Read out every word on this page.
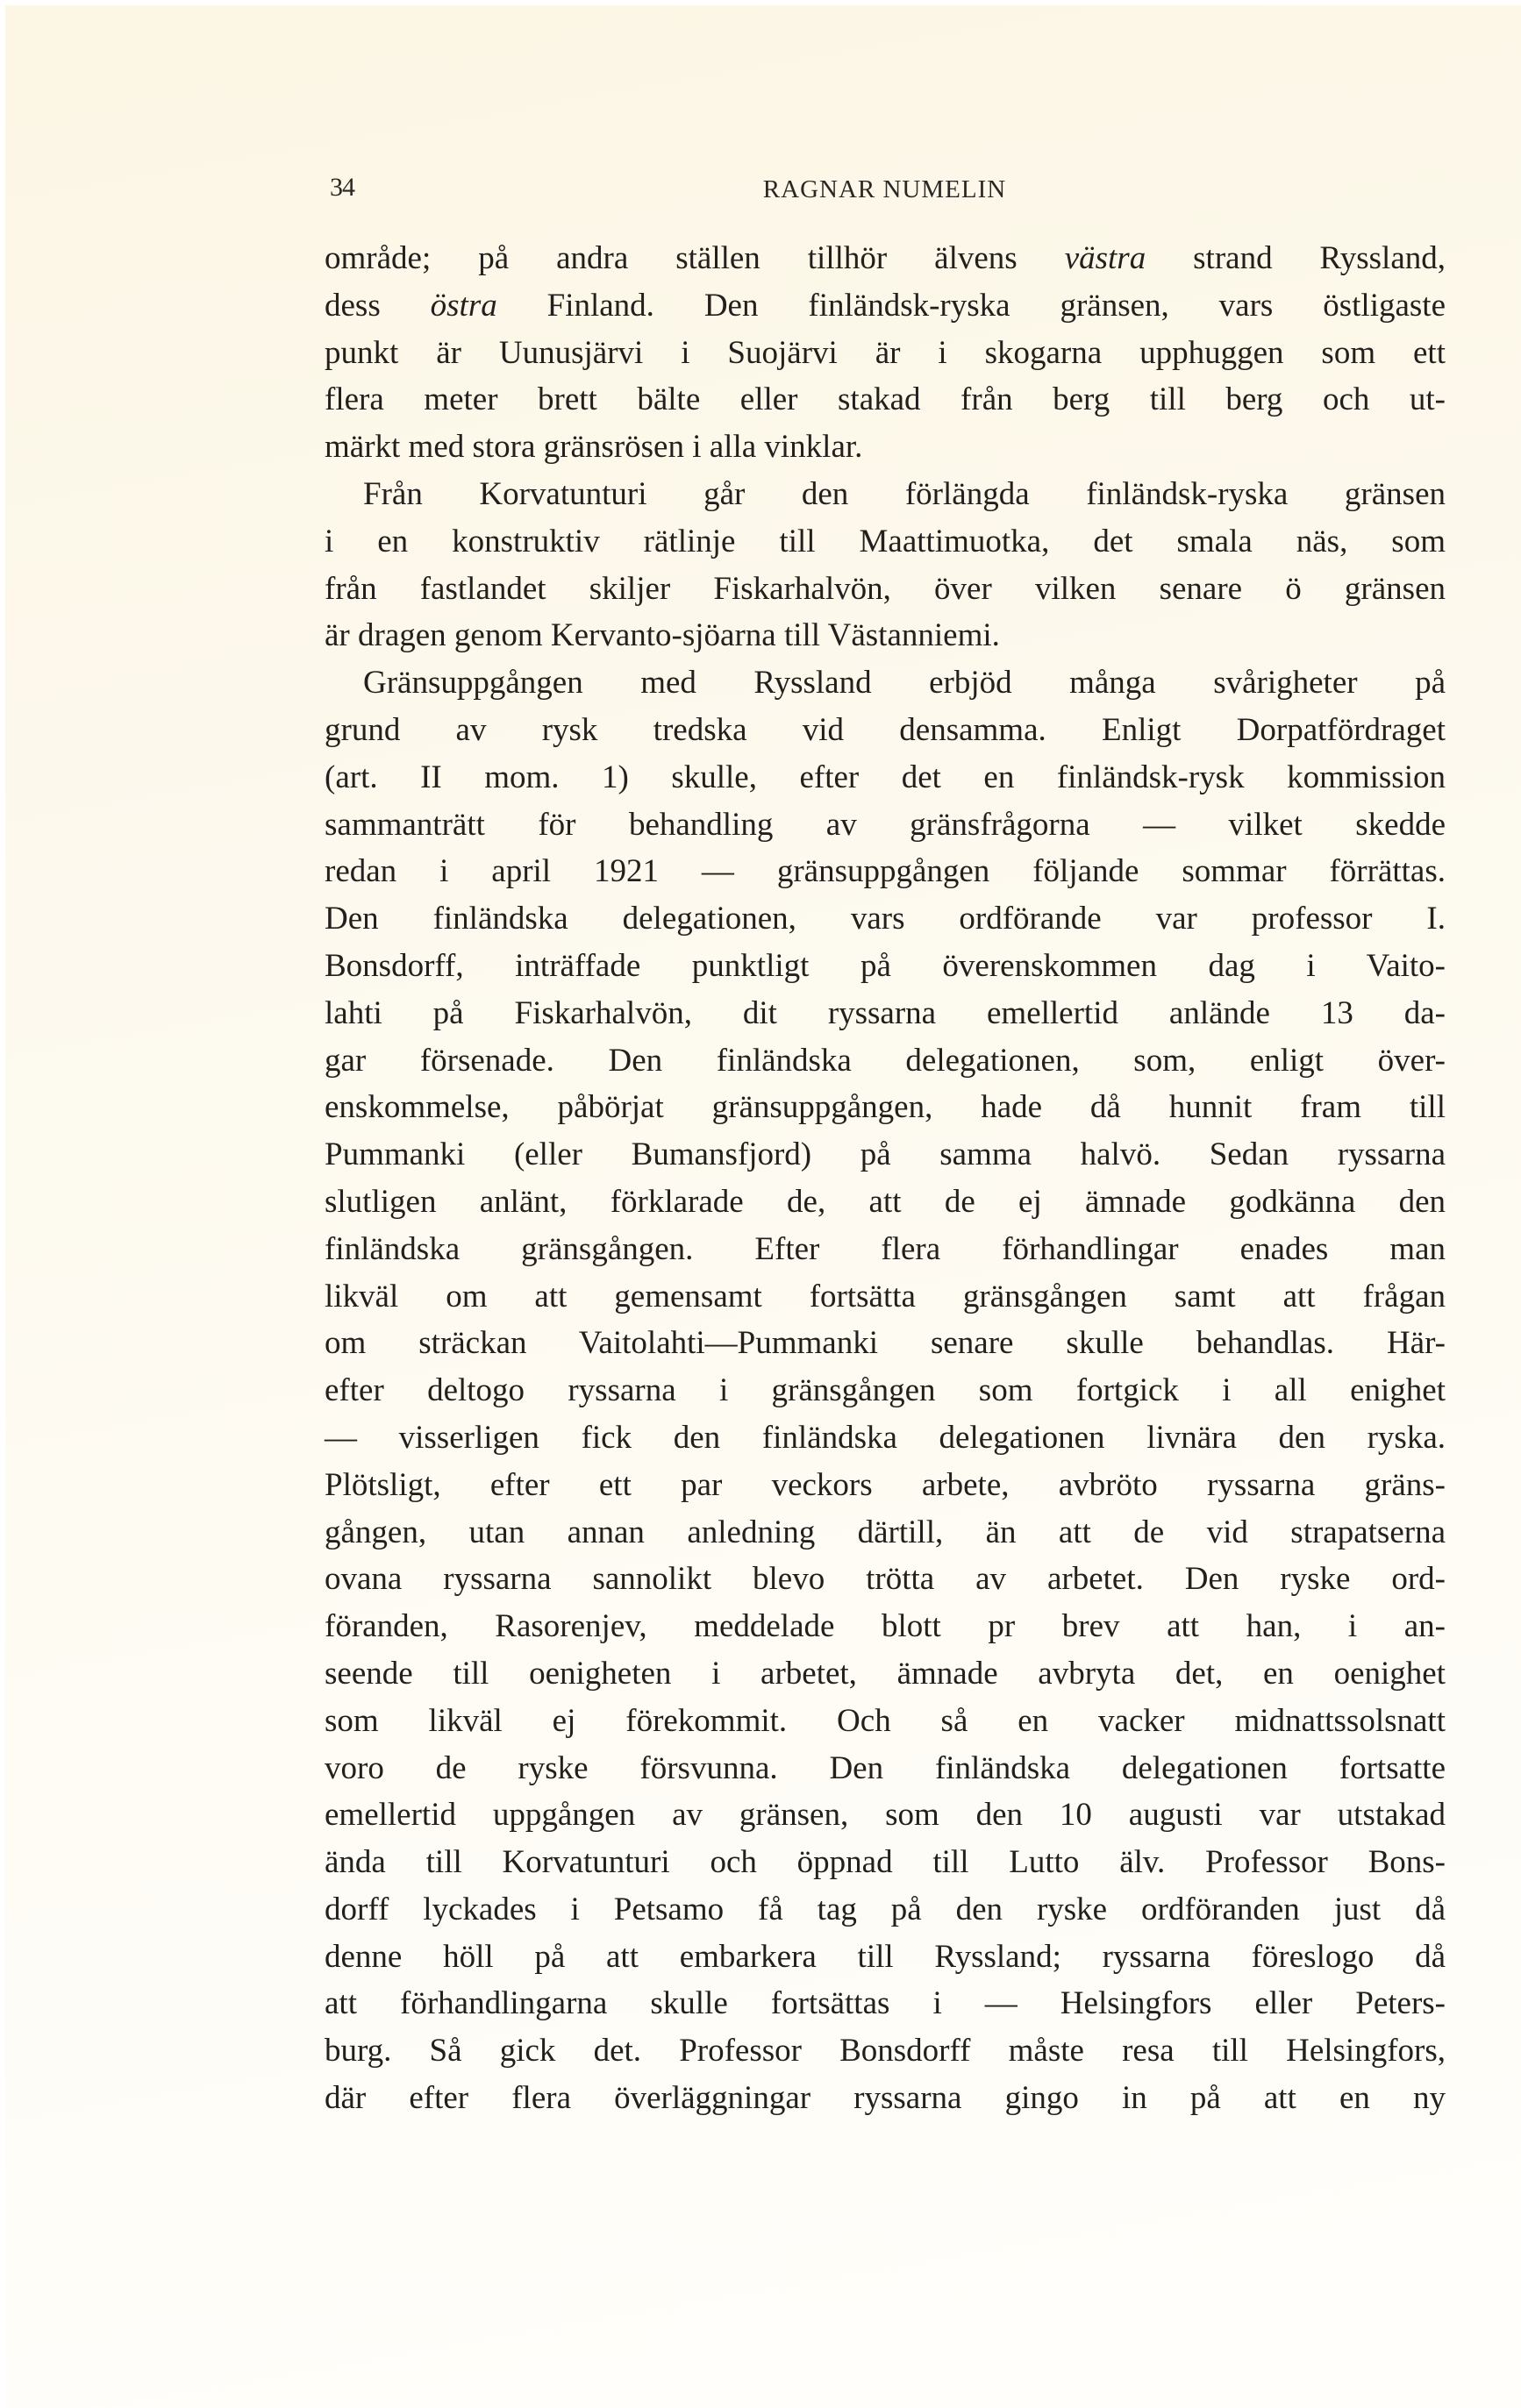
34	RAGNAR NUMELIN
område; på andra ställen tillhör älvens västra strand Ryssland,
dess östra Finland. Den finländsk-ryska gränsen, vars östligaste
punkt är Uunusjärvi i Suojärvi är i skogarna upphuggen som ett
flera meter brett bälte eller stakad från berg till berg och ut-
märkt med stora gränsrösen i alla vinklar.
Från Korvatunturi går den förlängda finländsk-ryska gränsen
i en konstruktiv rätlinje till Maattimuotka, det smala näs, som
från fastlandet skiljer Fiskarhalvön, över vilken senare ö gränsen
är dragen genom Kervanto-sjöarna till Västanniemi.
Gränsuppgången med Ryssland erbjöd många svårigheter på
grund av rysk tredska vid densamma. Enligt Dorpatfördraget
(art. II mom. 1) skulle, efter det en finländsk-rysk kommission
sammanträtt för behandling av gränsfrågorna — vilket skedde
redan i april 1921 — gränsuppgången följande sommar förrättas.
Den finländska delegationen, vars ordförande var professor I.
Bonsdorff, inträffade punktligt på överenskommen dag i Vaito-
lahti på Fiskarhalvön, dit ryssarna emellertid anlände 13 da-
gar försenade. Den finländska delegationen, som, enligt över-
enskommelse, påbörjat gränsuppgången, hade då hunnit fram till
Pummanki (eller Bumansfjord) på samma halvö. Sedan ryssarna
slutligen anlänt, förklarade de, att de ej ämnade godkänna den
finländska gränsgången. Efter flera förhandlingar enades man
likväl om att gemensamt fortsätta gränsgången samt att frågan
om sträckan Vaitolahti—Pummanki senare skulle behandlas. Här-
efter deltogo ryssarna i gränsgången som fortgick i all enighet
— visserligen fick den finländska delegationen livnära den ryska.
Plötsligt, efter ett par veckors arbete, avbröto ryssarna gräns-
gången, utan annan anledning därtill, än att de vid strapatserna
ovana ryssarna sannolikt blevo trötta av arbetet. Den ryske ord-
föranden, Rasorenjev, meddelade blott pr brev att han, i an-
seende till oenigheten i arbetet, ämnade avbryta det, en oenighet
som likväl ej förekommit. Och så en vacker midnattssolsnatt
voro de ryske försvunna. Den finländska delegationen fortsatte
emellertid uppgången av gränsen, som den 10 augusti var utstakad
ända till Korvatunturi och öppnad till Lutto älv. Professor Bons-
dorff lyckades i Petsamo få tag på den ryske ordföranden just då
denne höll på att embarkera till Ryssland; ryssarna föreslogo då
att förhandlingarna skulle fortsättas i — Helsingfors eller Peters-
burg. Så gick det. Professor Bonsdorff måste resa till Helsingfors,
där efter flera överläggningar ryssarna gingo in på att en ny
